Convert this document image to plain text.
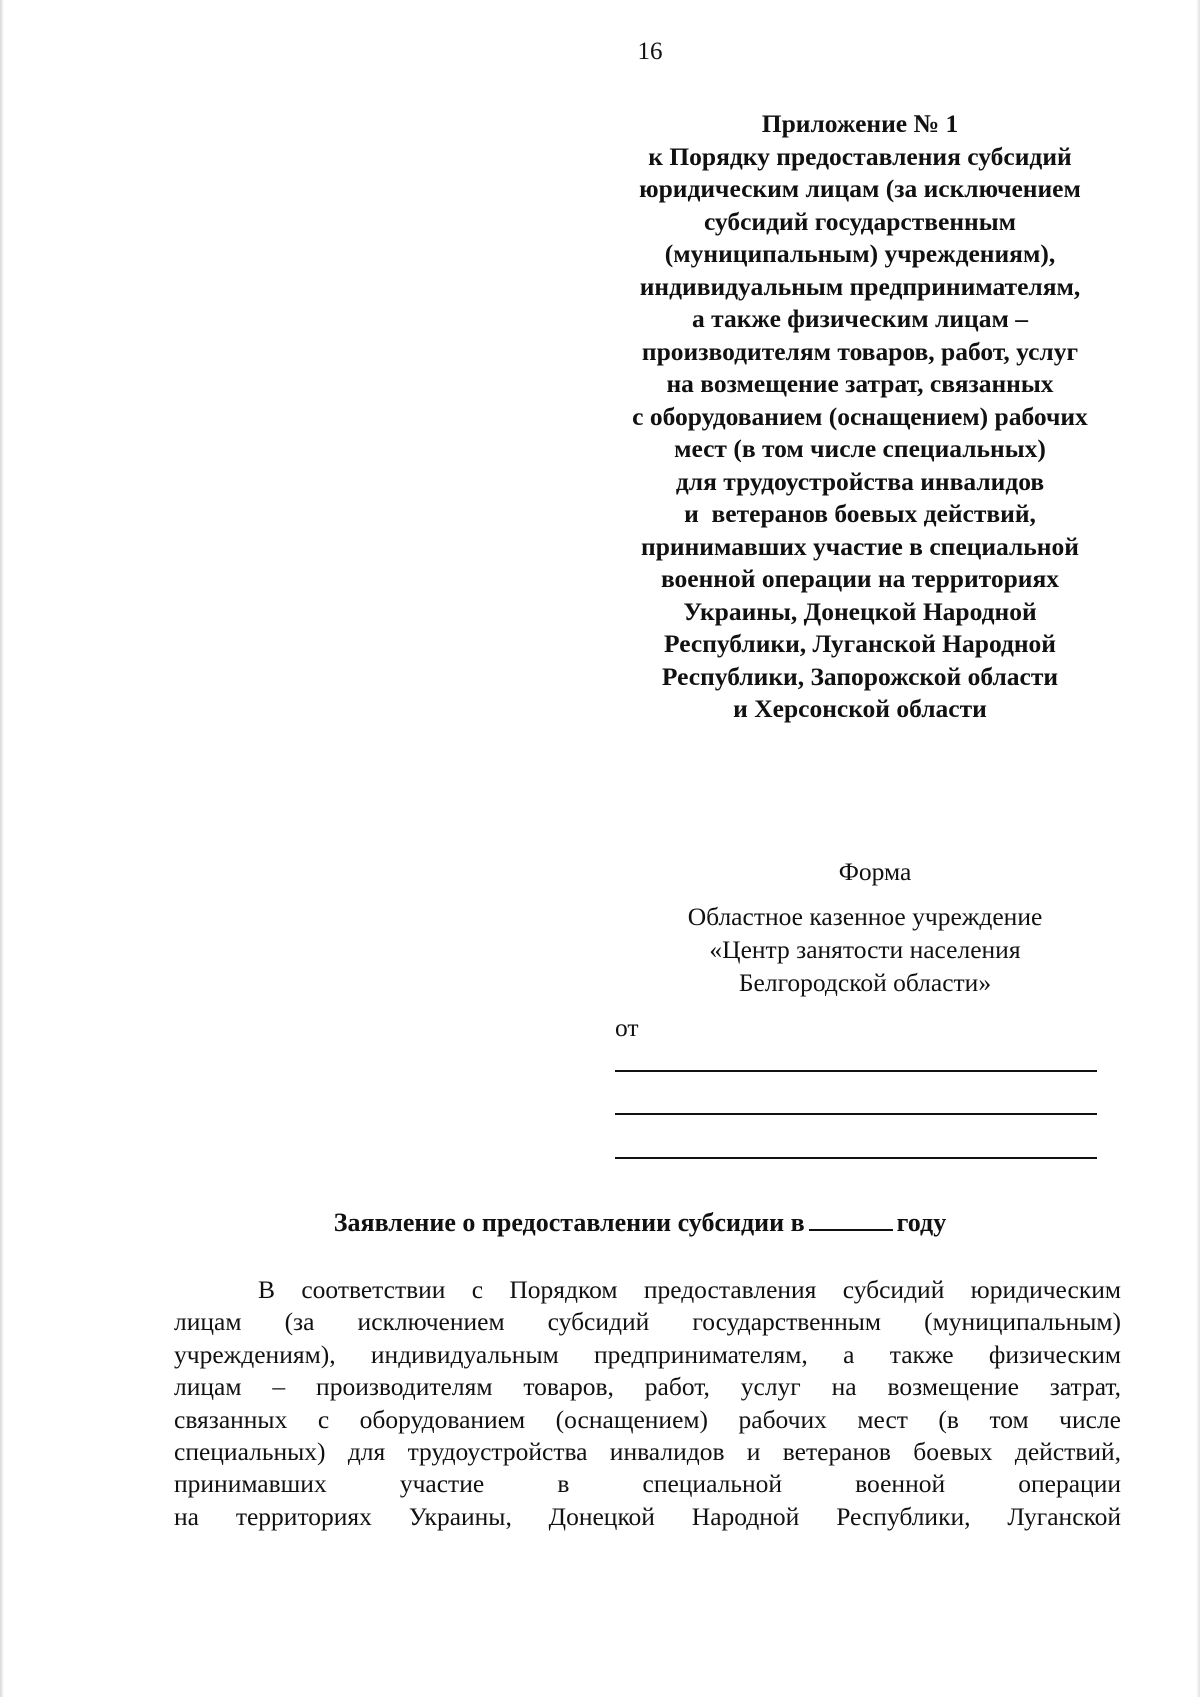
16
Приложение № 1
к Порядку предоставления субсидий
юридическим лицам (за исключением
субсидий государственным
(муниципальным) учреждениям),
индивидуальным предпринимателям,
а также физическим лицам –
производителям товаров, работ, услуг
на возмещение затрат, связанных
с оборудованием (оснащением) рабочих
мест (в том числе специальных)
для трудоустройства инвалидов
и  ветеранов боевых действий,
принимавших участие в специальной
военной операции на территориях
Украины, Донецкой Народной
Республики, Луганской Народной
Республики, Запорожской области
и Херсонской области
Форма
Областное казенное учреждение
«Центр занятости населения
Белгородской области»
от
Заявление о предоставлении субсидии в	году
В соответствии с Порядком предоставления субсидий юридическим
лицам (за исключением субсидий государственным (муниципальным)
учреждениям), индивидуальным предпринимателям, а также физическим
лицам – производителям товаров, работ, услуг на возмещение затрат,
связанных с оборудованием (оснащением) рабочих мест (в том числе
специальных) для трудоустройства инвалидов и ветеранов боевых действий,
принимавших участие в специальной военной операции
на территориях Украины, Донецкой Народной Республики, Луганской
